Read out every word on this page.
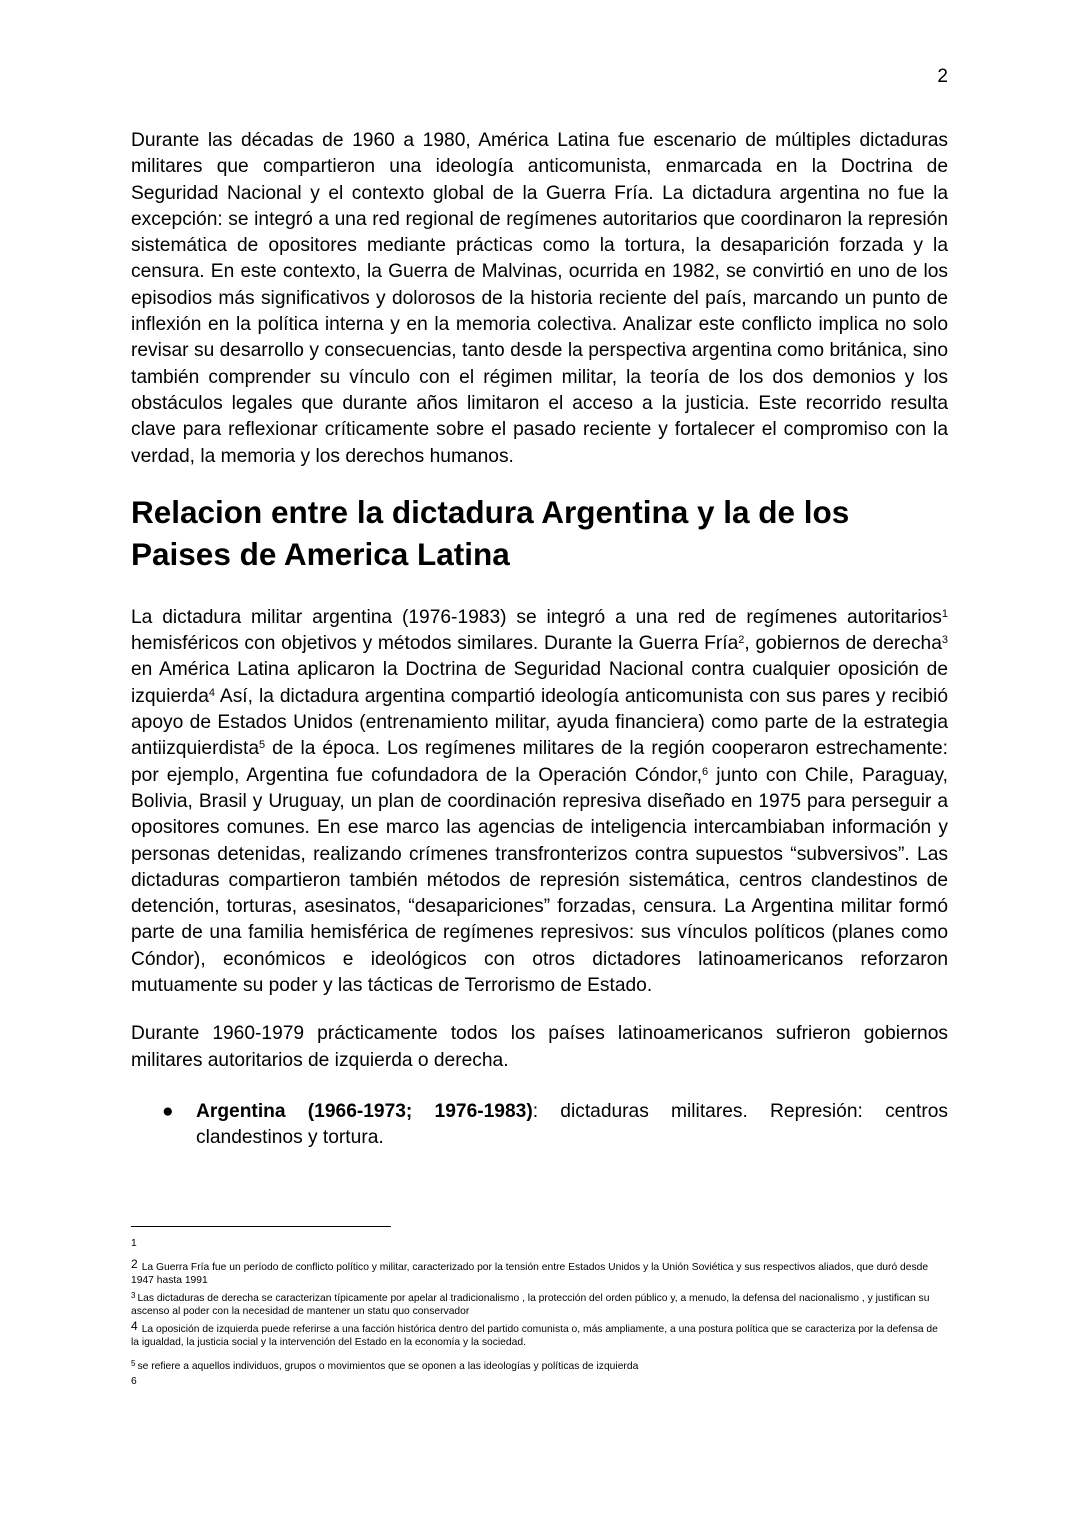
2

Durante las décadas de 1960 a 1980, América Latina fue escenario de múltiples dictaduras militares que compartieron una ideología anticomunista, enmarcada en la Doctrina de Seguridad Nacional y el contexto global de la Guerra Fría. La dictadura argentina no fue la excepción: se integró a una red regional de regímenes autoritarios que coordinaron la represión sistemática de opositores mediante prácticas como la tortura, la desaparición forzada y la censura. En este contexto, la Guerra de Malvinas, ocurrida en 1982, se convirtió en uno de los episodios más significativos y dolorosos de la historia reciente del país, marcando un punto de inflexión en la política interna y en la memoria colectiva. Analizar este conflicto implica no solo revisar su desarrollo y consecuencias, tanto desde la perspectiva argentina como británica, sino también comprender su vínculo con el régimen militar, la teoría de los dos demonios y los obstáculos legales que durante años limitaron el acceso a la justicia. Este recorrido resulta clave para reflexionar críticamente sobre el pasado reciente y fortalecer el compromiso con la verdad, la memoria y los derechos humanos.

Relacion entre la dictadura Argentina y la de los Paises de America Latina

La dictadura militar argentina (1976-1983) se integró a una red de regímenes autoritarios$^1$ hemisféricos con objetivos y métodos similares. Durante la Guerra Fría$^2$, gobiernos de derecha$^3$ en América Latina aplicaron la Doctrina de Seguridad Nacional contra cualquier oposición de izquierda$^4$ Así, la dictadura argentina compartió ideología anticomunista con sus pares y recibió apoyo de Estados Unidos (entrenamiento militar, ayuda financiera) como parte de la estrategia antiizquierdista$^5$ de la época. Los regímenes militares de la región cooperaron estrechamente: por ejemplo, Argentina fue cofundadora de la Operación Cóndor,$^6$ junto con Chile, Paraguay, Bolivia, Brasil y Uruguay, un plan de coordinación represiva diseñado en 1975 para perseguir a opositores comunes. En ese marco las agencias de inteligencia intercambiaban información y personas detenidas, realizando crímenes transfronterizos contra supuestos “subversivos”. Las dictaduras compartieron también métodos de represión sistemática, centros clandestinos de detención, torturas, asesinatos, “desapariciones” forzadas, censura. La Argentina militar formó parte de una familia hemisférica de regímenes represivos: sus vínculos políticos (planes como Cóndor), económicos e ideológicos con otros dictadores latinoamericanos reforzaron mutuamente su poder y las tácticas de Terrorismo de Estado.

Durante 1960-1979 prácticamente todos los países latinoamericanos sufrieron gobiernos militares autoritarios de izquierda o derecha.

● Argentina (1966-1973; 1976-1983): dictaduras militares. Represión: centros clandestinos y tortura.
1
2 La Guerra Fría fue un período de conflicto político y militar, caracterizado por la tensión entre Estados Unidos y la Unión Soviética y sus respectivos aliados, que duró desde 1947 hasta 1991
$^3$ Las dictaduras de derecha se caracterizan típicamente por apelar al tradicionalismo , la protección del orden público y, a menudo, la defensa del nacionalismo , y justifican su ascenso al poder con la necesidad de mantener un statu quo conservador
4 La oposición de izquierda puede referirse a una facción histórica dentro del partido comunista o, más ampliamente, a una postura política que se caracteriza por la defensa de la igualdad, la justicia social y la intervención del Estado en la economía y la sociedad.
$^5$ se refiere a aquellos individuos, grupos o movimientos que se oponen a las ideologías y políticas de izquierda
6
